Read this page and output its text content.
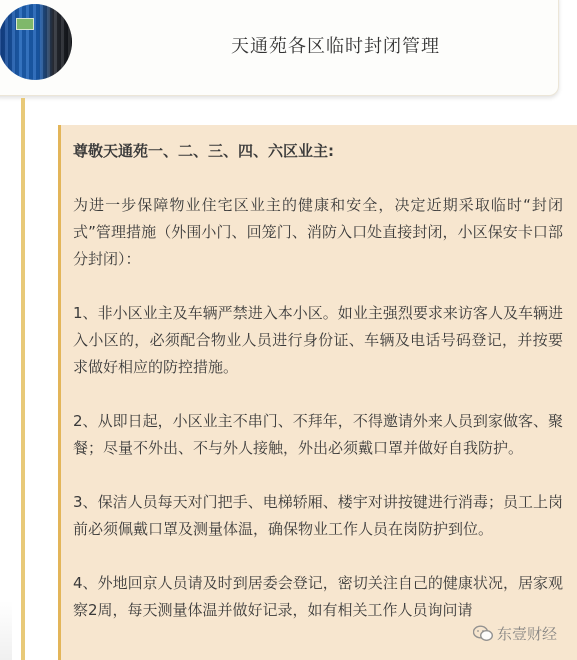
天通苑各区临时封闭管理

尊敬天通苑一、二、三、四、六区业主:

为进一步保障物业住宅区业主的健康和安全，决定近期采取临时“封闭式”管理措施（外围小门、回笼门、消防入口处直接封闭，小区保安卡口部分封闭）：

1、非小区业主及车辆严禁进入本小区。如业主强烈要求来访客人及车辆进入小区的，必须配合物业人员进行身份证、车辆及电话号码登记，并按要求做好相应的防控措施。

2、从即日起，小区业主不串门、不拜年，不得邀请外来人员到家做客、聚餐；尽量不外出、不与外人接触，外出必须戴口罩并做好自我防护。

3、保洁人员每天对门把手、电梯轿厢、楼宇对讲按键进行消毒；员工上岗前必须佩戴口罩及测量体温，确保物业工作人员在岗防护到位。

4、外地回京人员请及时到居委会登记，密切关注自己的健康状况，居家观察2周，每天测量体温并做好记录，如有相关工作人员询问请

东壹财经
